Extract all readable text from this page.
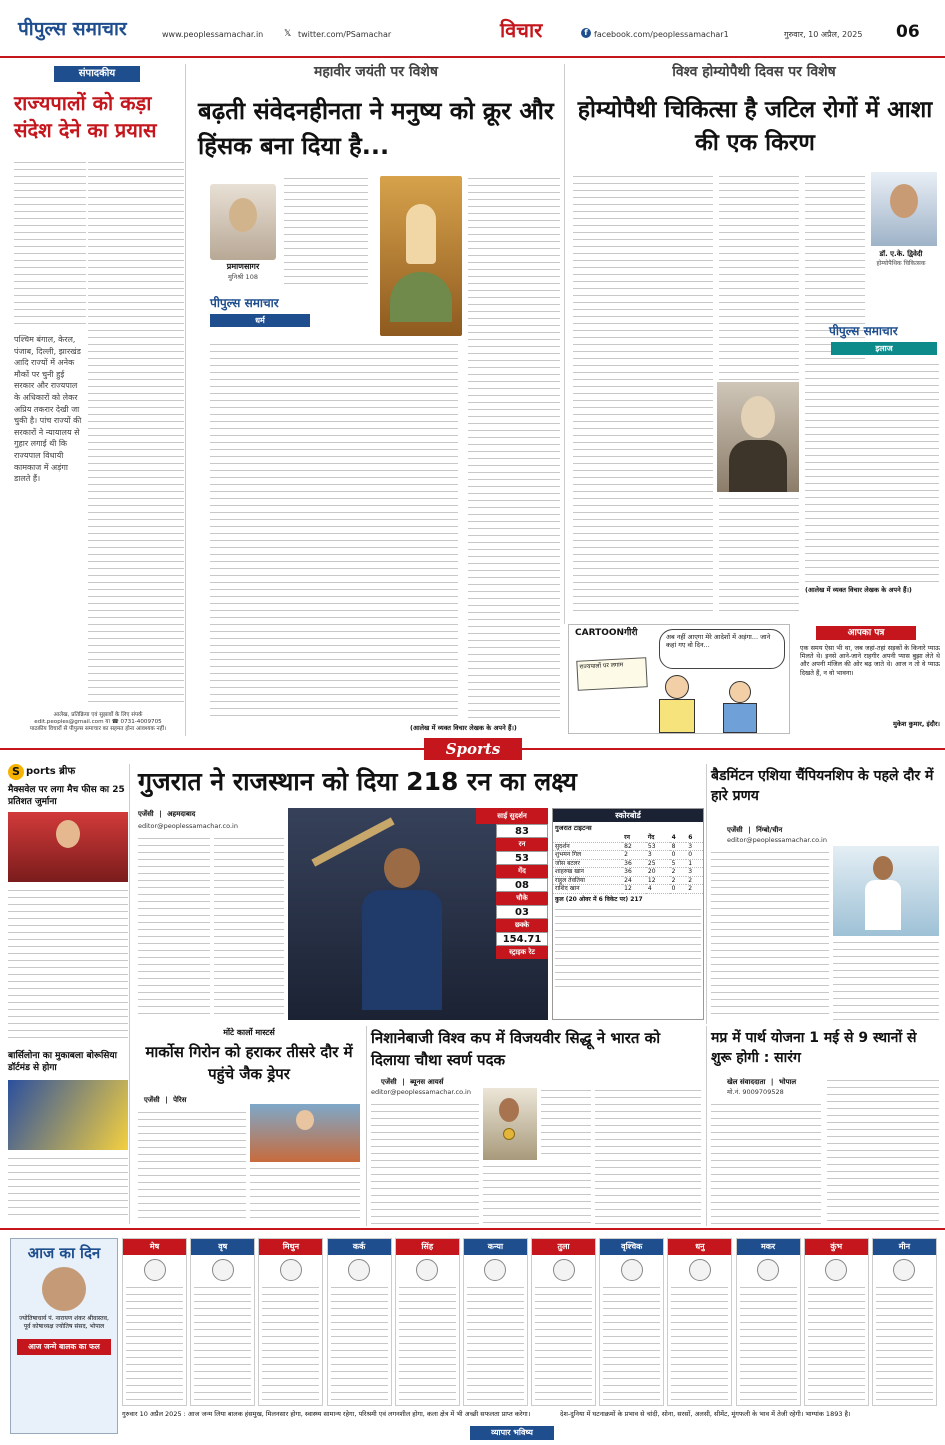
पीपुल्स समाचार	www.peoplessamachar.in 𝕏 twitter.com/PSamachar	विचार	f facebook.com/peoplessamachar1	गुरुवार, 10 अप्रैल, 2025 06
संपादकीय
राज्यपालों को कड़ा संदेश देने का प्रयास
पश्चिम बंगाल, केरल, पंजाब, दिल्ली, झारखंड आदि राज्यों में अनेक मौकों पर चुनी हुई सरकार और राज्यपाल के अधिकारों को लेकर अप्रिय तकरार देखी जा चुकी है। पांच राज्यों की सरकारों ने न्यायालय से गुहार लगाई थी कि राज्यपाल विधायी कामकाज में अड़ंगा डालते हैं।
आलेख, प्रतिक्रिया एवं सुझावों के लिए संपर्क
edit.peoples@gmail.com या ☎ 0731-4009705
पाठकीय विचारों से पीपुल्स समाचार का सहमत होना आवश्यक नहीं।
महावीर जयंती पर विशेष
बढ़ती संवेदनहीनता ने मनुष्य को क्रूर और हिंसक बना दिया है...
प्रमाणसागर
मुनिश्री 108
पीपुल्स समाचार
धर्म
(आलेख में व्यक्त विचार लेखक के अपने हैं।)
विश्व होम्योपैथी दिवस पर विशेष
होम्योपैथी चिकित्सा है जटिल रोगों में आशा की एक किरण
डॉ. ए.के. द्विवेदी
होम्योपैथिक चिकित्सक
पीपुल्स समाचार
इलाज
(आलेख में व्यक्त विचार लेखक के अपने हैं।)
CARTOONगीरी	अब नहीं आएगा मेरे आदेशों में अड़ंगा... जाने कहां गए वो दिन...
राज्यपालों पर लगाम
आपका पत्र
एक समय ऐसा भी था, जब जहां-तहां सड़कों के किनारे प्याऊ मिलते थे। इनसे आने-जाने राहगीर अपनी प्यास बुझा लेते थे और अपनी मंजिल की ओर बढ़ जाते थे। आज न तो वे प्याऊ दिखते हैं, न वो भावना।
मुकेश कुमार, इंदौर।
Sports
S ports ब्रीफ
मैक्सवेल पर लगा मैच फीस का 25 प्रतिशत जुर्माना
बार्सिलोना का मुकाबला बोरूसिया डॉर्टमंड से होगा
गुजरात ने राजस्थान को दिया 218 रन का लक्ष्य
एजेंसी | अहमदाबाद
editor@peoplessamachar.co.in
साई सुदर्शन
83
रन
53
गेंद
08
चौके
03
छक्के
154.71
स्ट्राइक रेट
स्कोरबोर्ड
गुजरात टाइटन्स
	रन	गेंद	4	6
सुदर्शन	82	53	8	3
शुभमन गिल	2	3	0	0
जोस बटलर	36	25	5	1
शाहरुख खान	36	20	2	3
राहुल तेवतिया	24	12	2	2
राशिद खान	12	4	0	2
कुल (20 ओवर में 6 विकेट पर) 217
बैडमिंटन एशिया चैंपियनशिप के पहले दौर में हारे प्रणय
एजेंसी | निंग्बो/चीन
editor@peoplessamachar.co.in
मोंटे कार्लो मास्टर्स
मार्कोस गिरोन को हराकर तीसरे दौर में पहुंचे जैक ड्रेपर
एजेंसी | पेरिस
निशानेबाजी विश्व कप में विजयवीर सिद्धू ने भारत को दिलाया चौथा स्वर्ण पदक
एजेंसी | ब्यूनस आयर्स
editor@peoplessamachar.co.in
मप्र में पार्थ योजना 1 मई से 9 स्थानों से शुरू होगी : सारंग
खेल संवाददाता | भोपाल
मो.नं. 9009709528
आज का दिन
ज्योतिषाचार्य पं. नारायण शंकर श्रीवास्तव, पूर्व कोषाध्यक्ष ज्योतिष संसद, भोपाल
आज जन्मे बालक का फल
मेष	वृष	मिथुन	कर्क	सिंह	कन्या	तुला	वृश्चिक	धनु	मकर	कुंभ	मीन
गुरुवार 10 अप्रैल 2025 : आज जन्म लिया बालक हंसमुख, मिलनसार होगा, स्वास्थ्य सामान्य रहेगा, परिश्रमी एवं लगनशील होगा, कला क्षेत्र में भी अच्छी सफलता प्राप्त करेगा।
व्यापार भविष्य
देश-दुनिया में घटनाक्रमों के प्रभाव से चांदी, सोना, सरसों, अलसी, सीमेंट, मूंगफली के भाव में तेजी रहेगी। भाग्यांक 1893 है।
